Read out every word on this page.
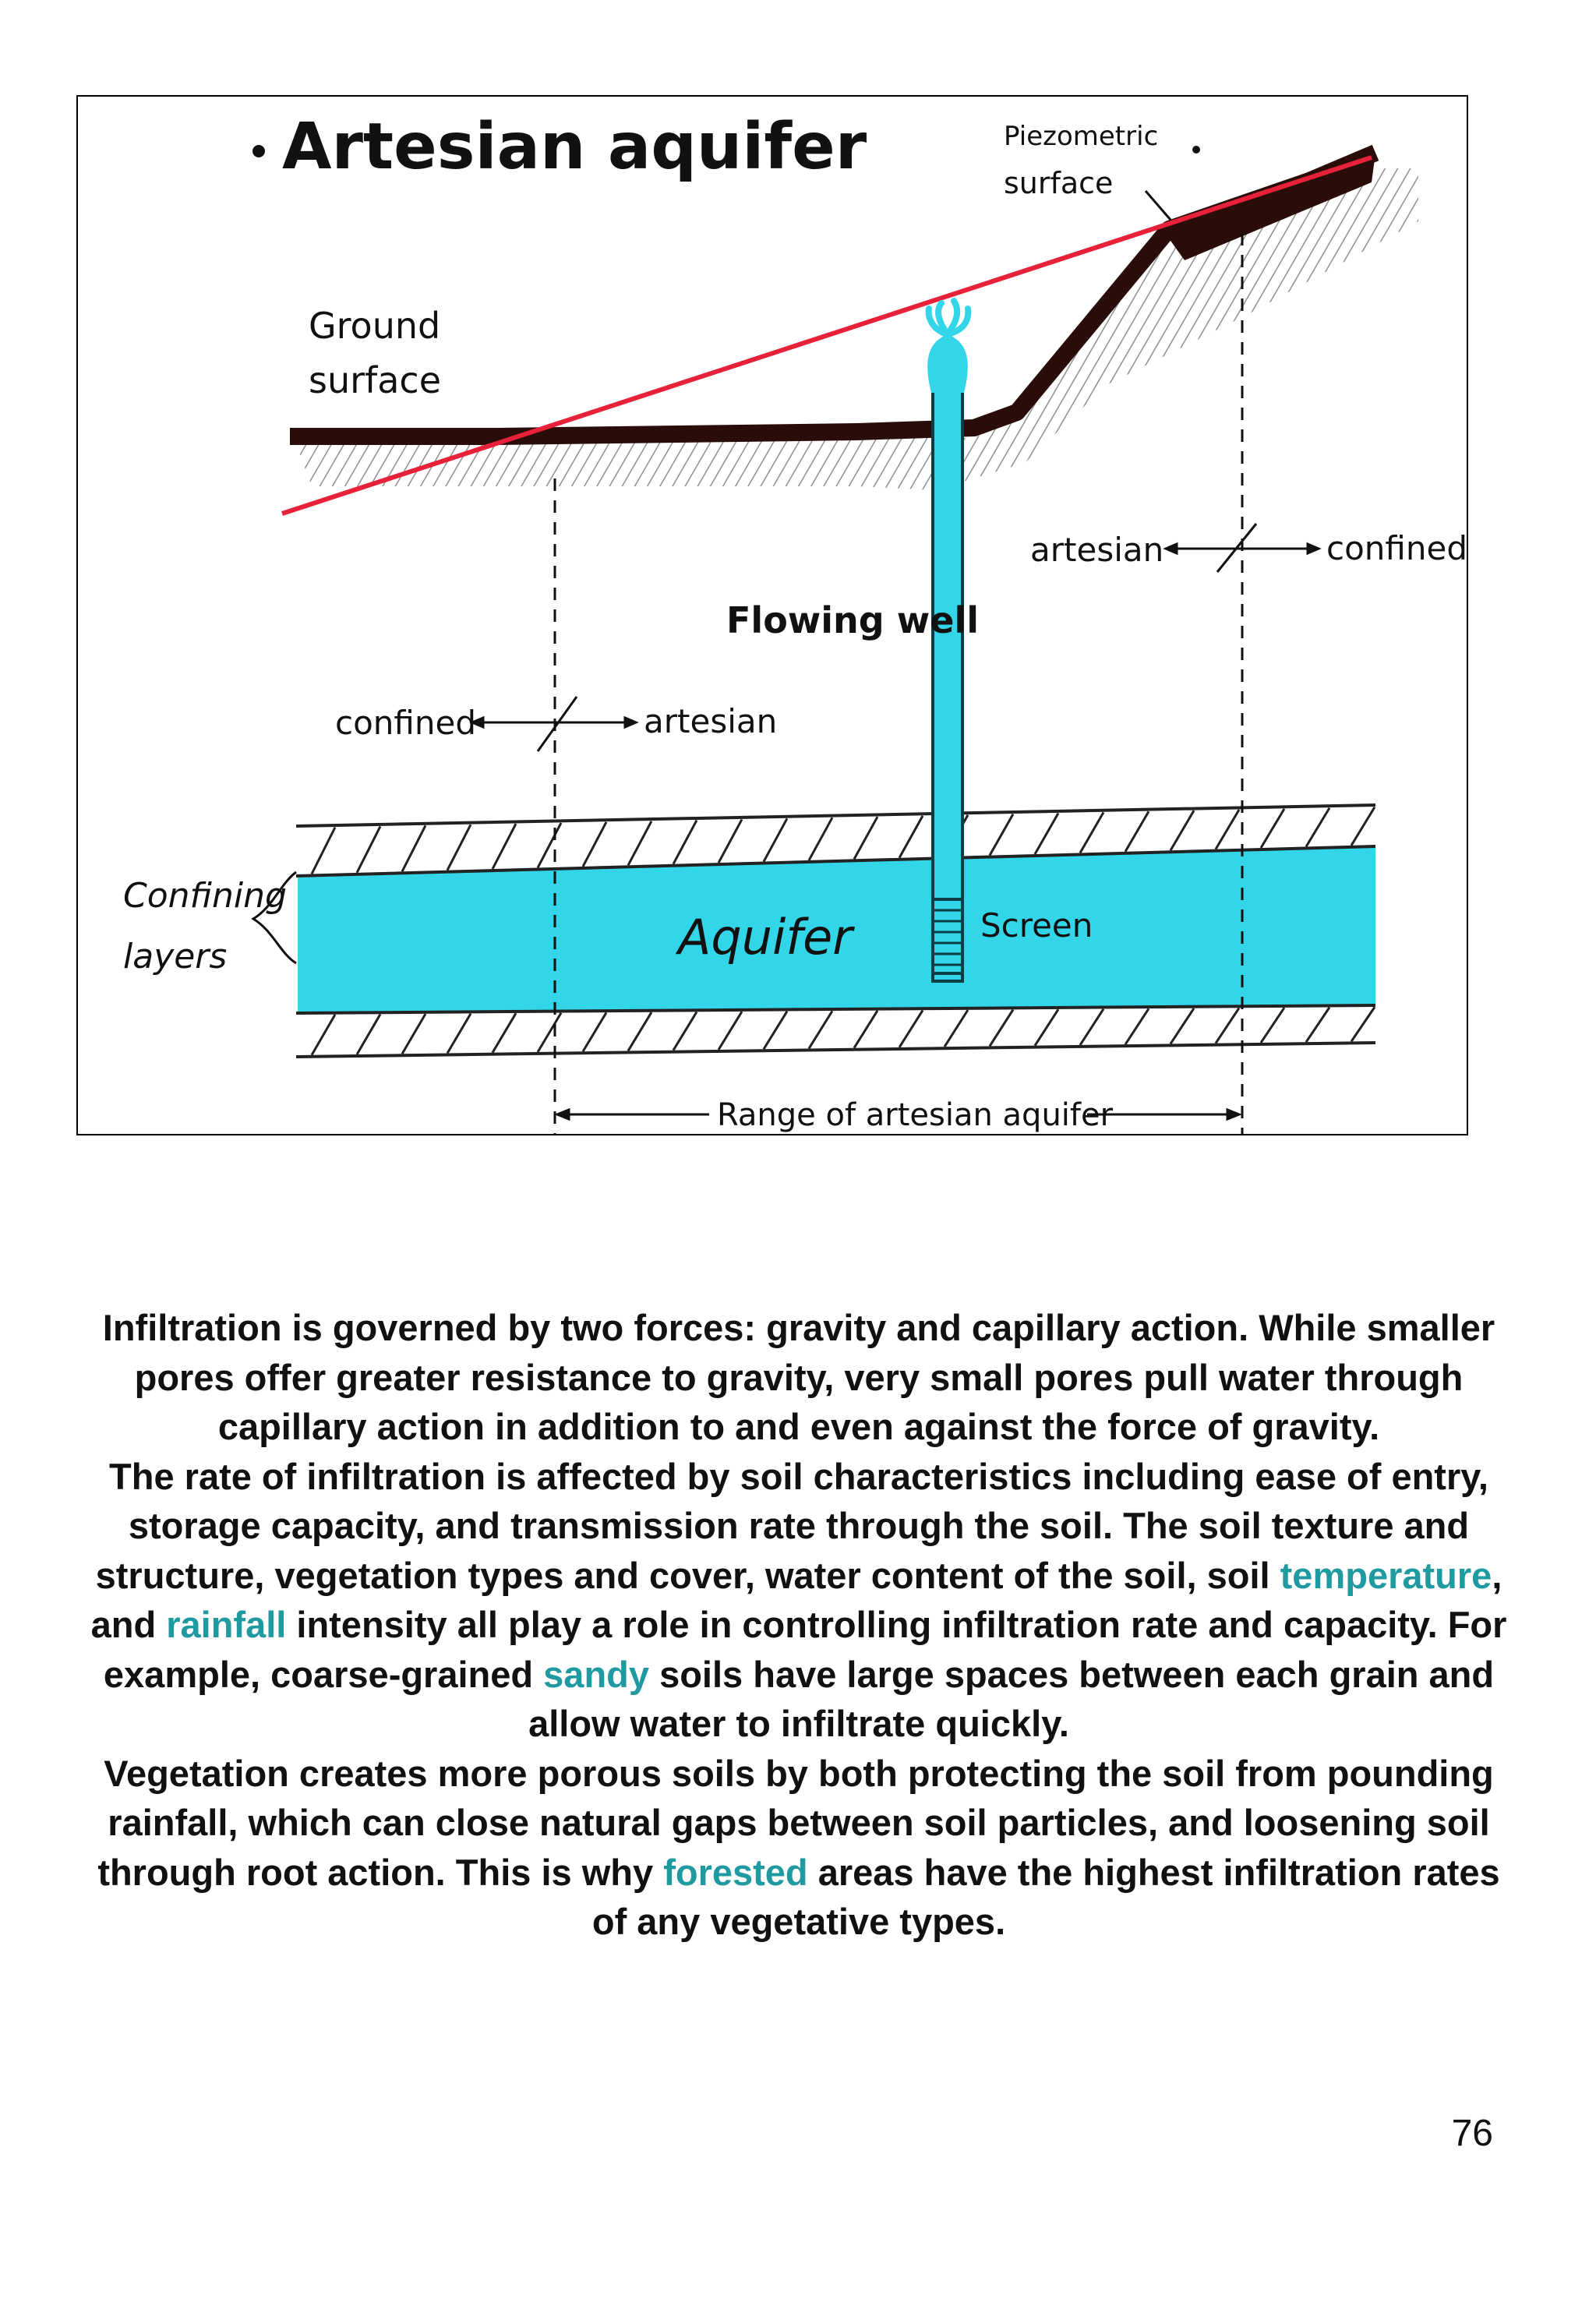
Artesian aquifer	Piezometric
surface
Ground
surface
artesian	confined
Flowing well
confined	artesian
Confining
layers	Aquifer	Screen
Range of artesian aquifer

Infiltration is governed by two forces: gravity and capillary action. While smaller pores offer greater resistance to gravity, very small pores pull water through capillary action in addition to and even against the force of gravity.

The rate of infiltration is affected by soil characteristics including ease of entry, storage capacity, and transmission rate through the soil. The soil texture and structure, vegetation types and cover, water content of the soil, soil temperature, and rainfall intensity all play a role in controlling infiltration rate and capacity. For example, coarse-grained sandy soils have large spaces between each grain and allow water to infiltrate quickly.

Vegetation creates more porous soils by both protecting the soil from pounding rainfall, which can close natural gaps between soil particles, and loosening soil through root action. This is why forested areas have the highest infiltration rates of any vegetative types.

76
